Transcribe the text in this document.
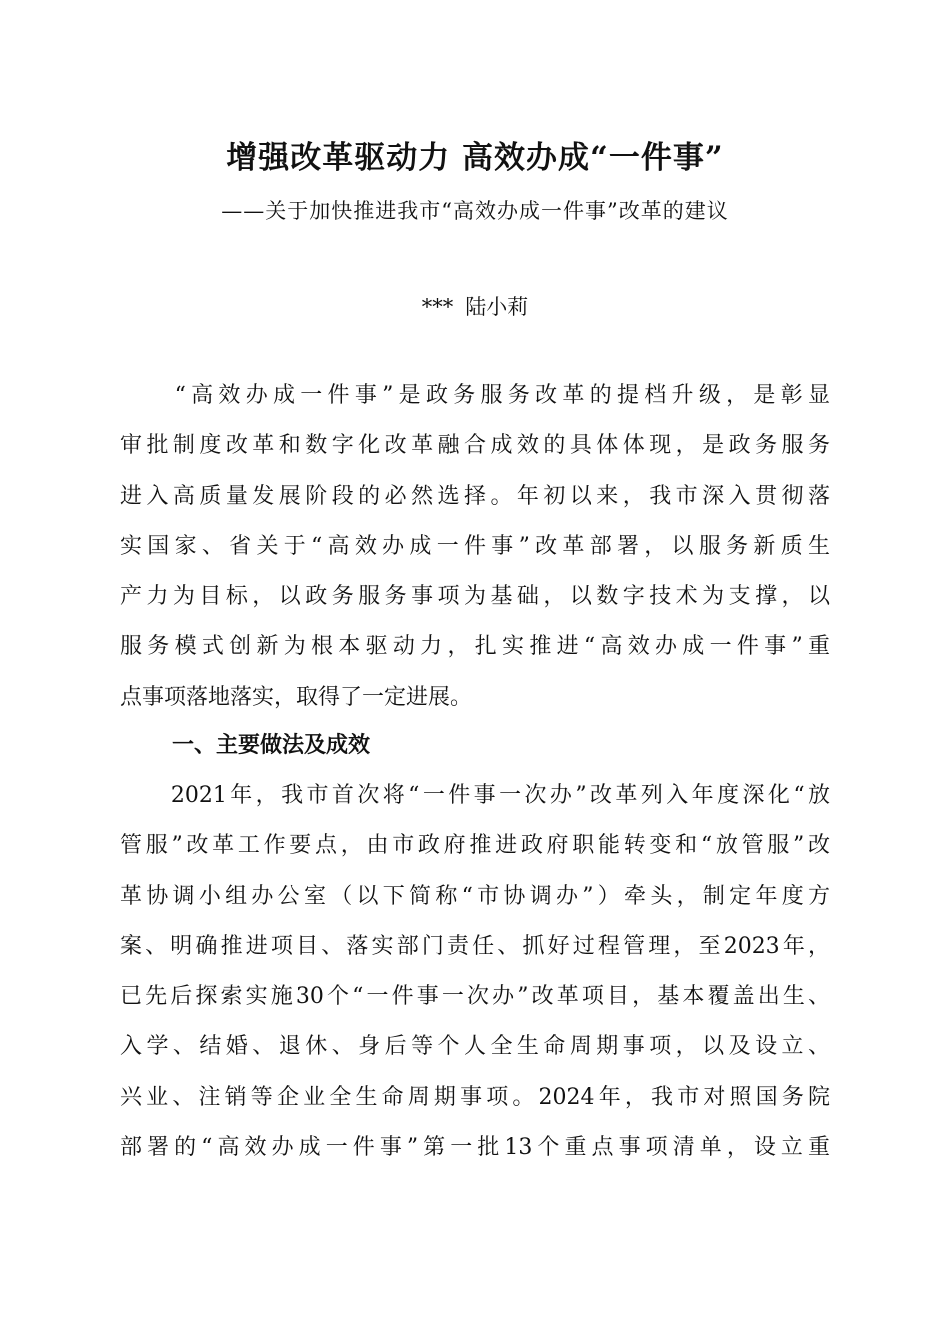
增强改革驱动力 高效办成“一件事”
——关于加快推进我市“高效办成一件事”改革的建议
*** 陆小莉
　　“高效办成一件事”是政务服务改革的提档升级，是彰显
审批制度改革和数字化改革融合成效的具体体现，是政务服务
进入高质量发展阶段的必然选择。年初以来，我市深入贯彻落
实国家、省关于“高效办成一件事”改革部署，以服务新质生
产力为目标，以政务服务事项为基础，以数字技术为支撑，以
服务模式创新为根本驱动力，扎实推进“高效办成一件事”重
点事项落地落实，取得了一定进展。
一、主要做法及成效
　　2021年，我市首次将“一件事一次办”改革列入年度深化“放
管服”改革工作要点，由市政府推进政府职能转变和“放管服”改
革协调小组办公室（以下简称“市协调办”）牵头，制定年度方
案、明确推进项目、落实部门责任、抓好过程管理，至2023年，
已先后探索实施30个“一件事一次办”改革项目，基本覆盖出生、
入学、结婚、退休、身后等个人全生命周期事项，以及设立、
兴业、注销等企业全生命周期事项。2024年，我市对照国务院
部署的“高效办成一件事”第一批13个重点事项清单，设立重
